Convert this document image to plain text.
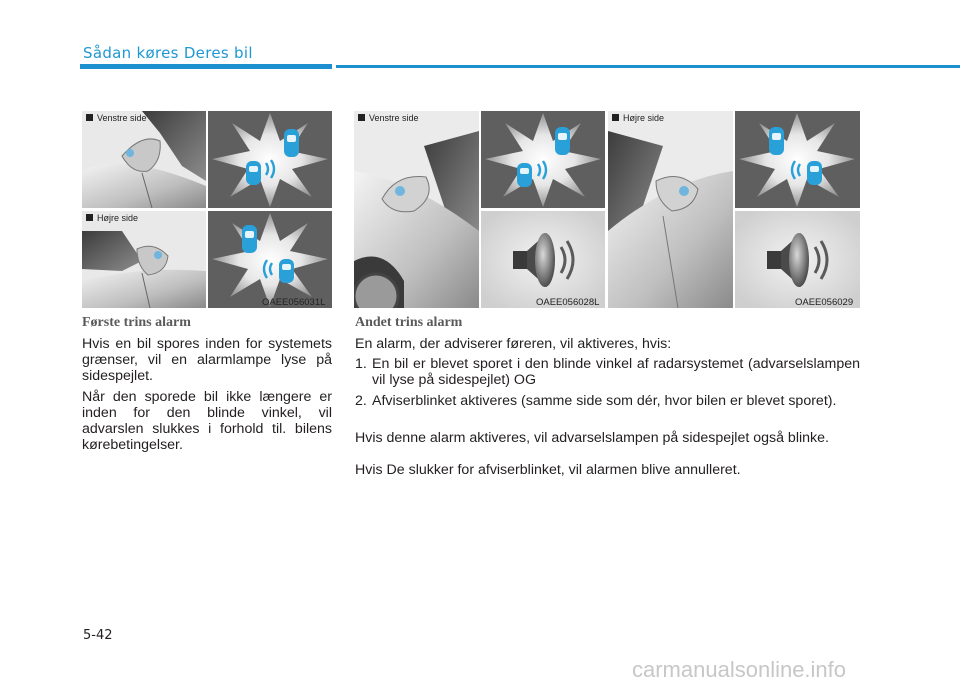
Sådan køres Deres bil
Venstre side
Højre side
OAEE056031L
Venstre side
OAEE056028L
Højre side
OAEE056029
Første trins alarm

Hvis en bil spores inden for systemets grænser, vil en alarmlampe lyse på sidespejlet.

Når den sporede bil ikke længere er inden for den blinde vinkel, vil advarslen slukkes i forhold til. bilens kørebetingelser.

Andet trins alarm

En alarm, der adviserer føreren, vil aktiveres, hvis:

1. En bil er blevet sporet i den blinde vinkel af radarsystemet (advarselslampen vil lyse på sidespejlet) OG
2. Afviserblinket aktiveres (samme side som dér, hvor bilen er blevet sporet).

Hvis denne alarm aktiveres, vil advarselslampen på sidespejlet også blinke.

Hvis De slukker for afviserblinket, vil alarmen blive annulleret.

5-42
carmanualsonline.info
